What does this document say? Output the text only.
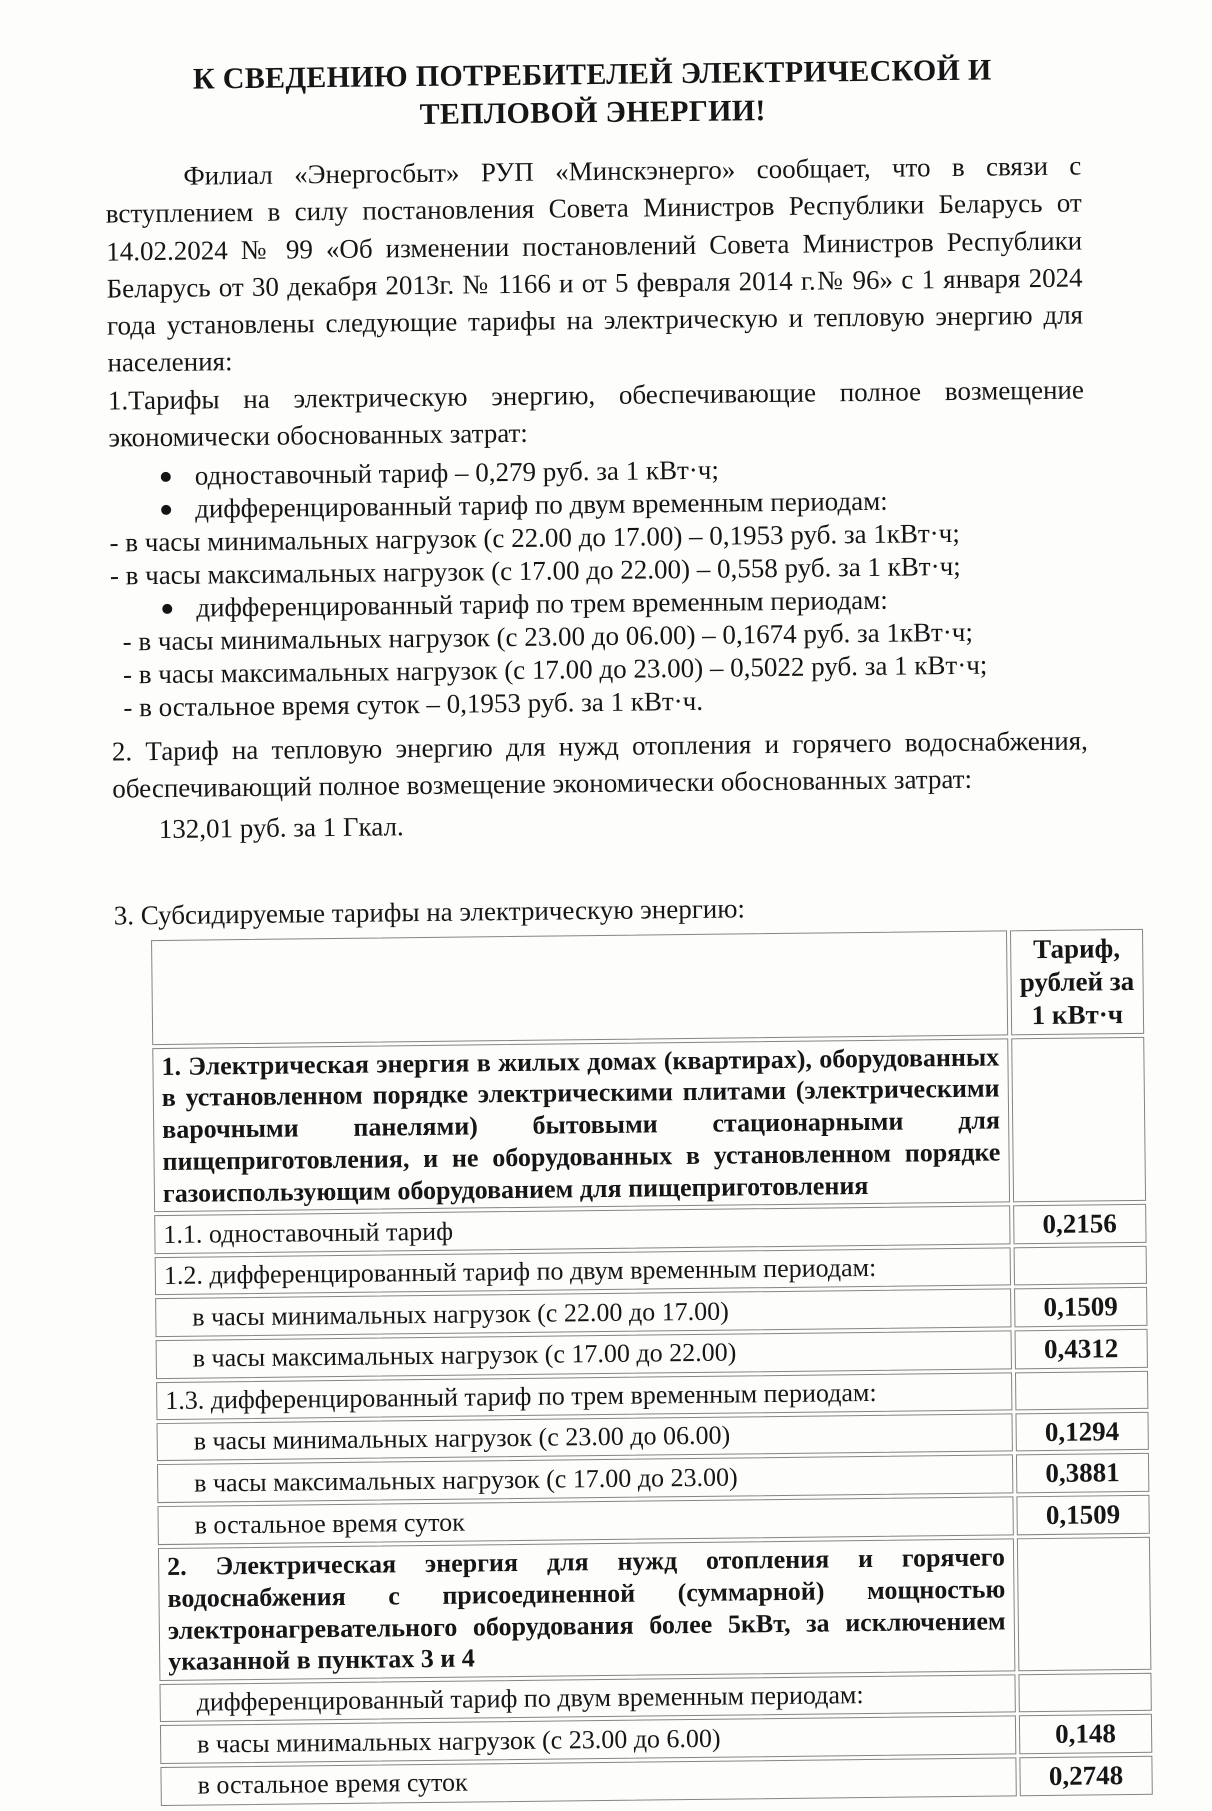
К СВЕДЕНИЮ ПОТРЕБИТЕЛЕЙ ЭЛЕКТРИЧЕСКОЙ И ТЕПЛОВОЙ ЭНЕРГИИ!

Филиал «Энергосбыт» РУП «Минскэнерго» сообщает, что в связи с вступлением в силу постановления Совета Министров Республики Беларусь от 14.02.2024 № 99 «Об изменении постановлений Совета Министров Республики Беларусь от 30 декабря 2013г. № 1166 и от 5 февраля 2014 г.№ 96» с 1 января 2024 года установлены следующие тарифы на электрическую и тепловую энергию для населения:

1.Тарифы на электрическую энергию, обеспечивающие полное возмещение экономически обоснованных затрат:

одноставочный тариф – 0,279 руб. за 1 кВт·ч;
дифференцированный тариф по двум временным периодам:
- в часы минимальных нагрузок (с 22.00 до 17.00) – 0,1953 руб. за 1кВт·ч;
- в часы максимальных нагрузок (с 17.00 до 22.00) – 0,558 руб. за 1 кВт·ч;
дифференцированный тариф по трем временным периодам:
- в часы минимальных нагрузок (с 23.00 до 06.00) – 0,1674 руб. за 1кВт·ч;
- в часы максимальных нагрузок (с 17.00 до 23.00) – 0,5022 руб. за 1 кВт·ч;
- в остальное время суток – 0,1953 руб. за 1 кВт·ч.

2. Тариф на тепловую энергию для нужд отопления и горячего водоснабжения, обеспечивающий полное возмещение экономически обоснованных затрат:

132,01 руб. за 1 Гкал.

3. Субсидируемые тарифы на электрическую энергию:

	Тариф, рублей за 1 кВт·ч
1. Электрическая энергия в жилых домах (квартирах), оборудованных в установленном порядке электрическими плитами (электрическими варочными панелями) бытовыми стационарными для пищеприготовления, и не оборудованных в установленном порядке газоиспользующим оборудованием для пищеприготовления	
1.1. одноставочный тариф	0,2156
1.2. дифференцированный тариф по двум временным периодам:	
в часы минимальных нагрузок (с 22.00 до 17.00)	0,1509
в часы максимальных нагрузок (с 17.00 до 22.00)	0,4312
1.3. дифференцированный тариф по трем временным периодам:	
в часы минимальных нагрузок (с 23.00 до 06.00)	0,1294
в часы максимальных нагрузок (с 17.00 до 23.00)	0,3881
в остальное время суток	0,1509
2. Электрическая энергия для нужд отопления и горячего водоснабжения с присоединенной (суммарной) мощностью электронагревательного оборудования более 5кВт, за исключением указанной в пунктах 3 и 4	
дифференцированный тариф по двум временным периодам:	
в часы минимальных нагрузок (с 23.00 до 6.00)	0,148
в остальное время суток	0,2748
